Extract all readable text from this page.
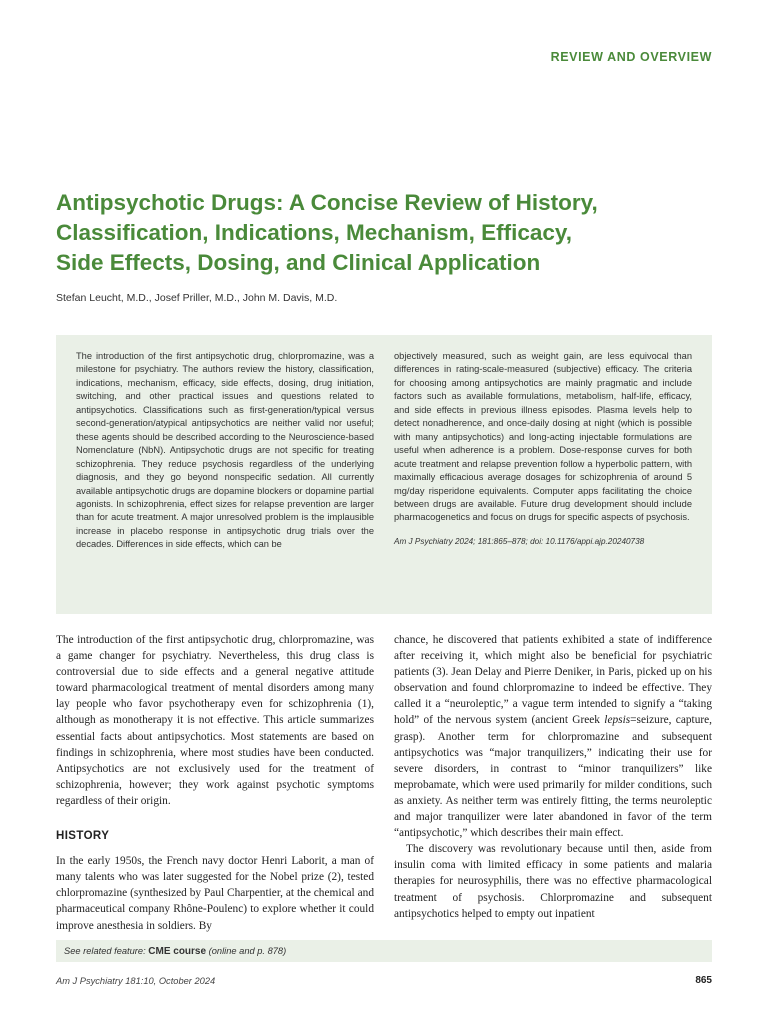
REVIEW AND OVERVIEW
Antipsychotic Drugs: A Concise Review of History,
Classification, Indications, Mechanism, Efficacy,
Side Effects, Dosing, and Clinical Application
Stefan Leucht, M.D., Josef Priller, M.D., John M. Davis, M.D.

The introduction of the first antipsychotic drug, chlorpromazine, was a milestone for psychiatry. The authors review the history, classification, indications, mechanism, efficacy, side effects, dosing, drug initiation, switching, and other practical issues and questions related to antipsychotics. Classifications such as first-generation/typical versus second-generation/atypical antipsychotics are neither valid nor useful; these agents should be described according to the Neuroscience-based Nomenclature (NbN). Antipsychotic drugs are not specific for treating schizophrenia. They reduce psychosis regardless of the underlying diagnosis, and they go beyond nonspecific sedation. All currently available antipsychotic drugs are dopamine blockers or dopamine partial agonists. In schizophrenia, effect sizes for relapse prevention are larger than for acute treatment. A major unresolved problem is the implausible increase in placebo response in antipsychotic drug trials over the decades. Differences in side effects, which can be

objectively measured, such as weight gain, are less equivocal than differences in rating-scale-measured (subjective) efficacy. The criteria for choosing among antipsychotics are mainly pragmatic and include factors such as available formulations, metabolism, half-life, efficacy, and side effects in previous illness episodes. Plasma levels help to detect nonadherence, and once-daily dosing at night (which is possible with many antipsychotics) and long-acting injectable formulations are useful when adherence is a problem. Dose-response curves for both acute treatment and relapse prevention follow a hyperbolic pattern, with maximally efficacious average dosages for schizophrenia of around 5 mg/day risperidone equivalents. Computer apps facilitating the choice between drugs are available. Future drug development should include pharmacogenetics and focus on drugs for specific aspects of psychosis.

Am J Psychiatry 2024; 181:865–878; doi: 10.1176/appi.ajp.20240738

The introduction of the first antipsychotic drug, chlorpromazine, was a game changer for psychiatry. Nevertheless, this drug class is controversial due to side effects and a general negative attitude toward pharmacological treatment of mental disorders among many lay people who favor psychotherapy even for schizophrenia (1), although as monotherapy it is not effective. This article summarizes essential facts about antipsychotics. Most statements are based on findings in schizophrenia, where most studies have been conducted. Antipsychotics are not exclusively used for the treatment of schizophrenia, however; they work against psychotic symptoms regardless of their origin.

HISTORY

In the early 1950s, the French navy doctor Henri Laborit, a man of many talents who was later suggested for the Nobel prize (2), tested chlorpromazine (synthesized by Paul Charpentier, at the chemical and pharmaceutical company Rhône-Poulenc) to explore whether it could improve anesthesia in soldiers. By

chance, he discovered that patients exhibited a state of indifference after receiving it, which might also be beneficial for psychiatric patients (3). Jean Delay and Pierre Deniker, in Paris, picked up on his observation and found chlorpromazine to indeed be effective. They called it a “neuroleptic,” a vague term intended to signify a “taking hold” of the nervous system (ancient Greek lepsis=seizure, capture, grasp). Another term for chlorpromazine and subsequent antipsychotics was “major tranquilizers,” indicating their use for severe disorders, in contrast to “minor tranquilizers” like meprobamate, which were used primarily for milder conditions, such as anxiety. As neither term was entirely fitting, the terms neuroleptic and major tranquilizer were later abandoned in favor of the term “antipsychotic,” which describes their main effect.

The discovery was revolutionary because until then, aside from insulin coma with limited efficacy in some patients and malaria therapies for neurosyphilis, there was no effective pharmacological treatment of psychosis. Chlorpromazine and subsequent antipsychotics helped to empty out inpatient

See related feature: CME course (online and p. 878)
Am J Psychiatry 181:10, October 2024	865
